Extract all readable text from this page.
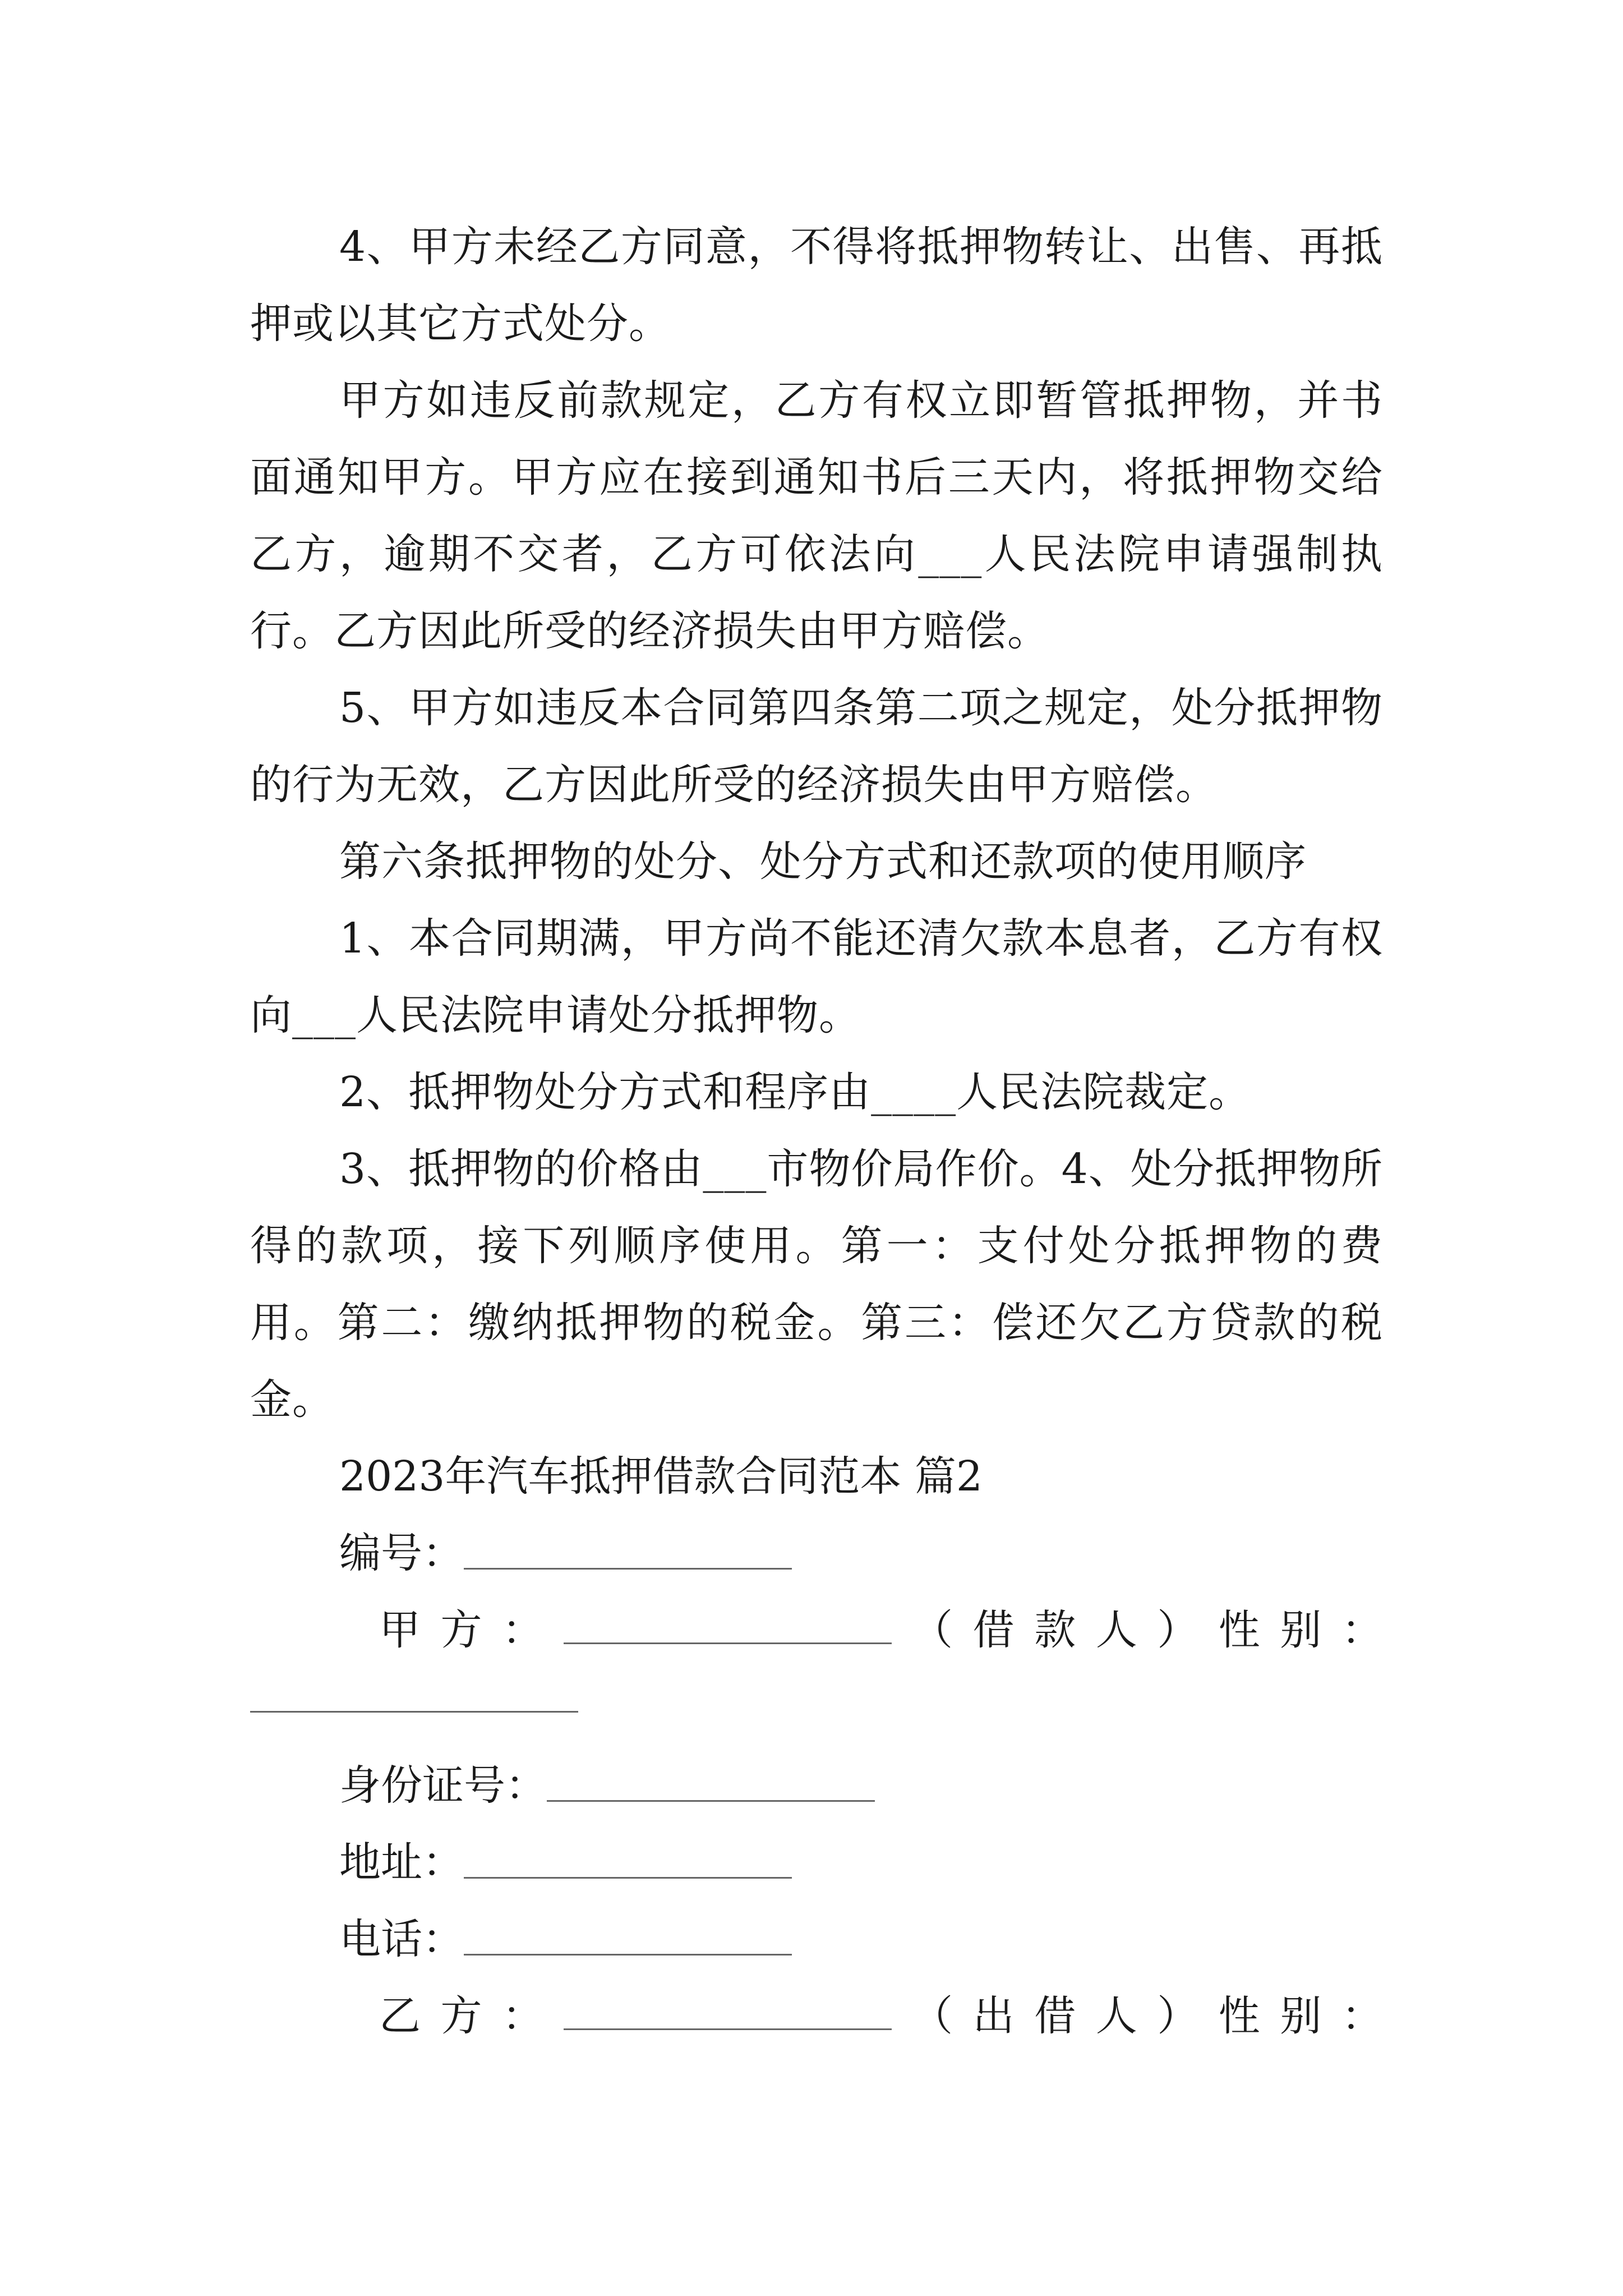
4、甲方未经乙方同意，不得将抵押物转让、出售、再抵押或以其它方式处分。
甲方如违反前款规定，乙方有权立即暂管抵押物，并书面通知甲方。甲方应在接到通知书后三天内，将抵押物交给乙方，逾期不交者，乙方可依法向___人民法院申请强制执行。乙方因此所受的经济损失由甲方赔偿。
5、甲方如违反本合同第四条第二项之规定，处分抵押物的行为无效，乙方因此所受的经济损失由甲方赔偿。
第六条抵押物的处分、处分方式和还款项的使用顺序
1、本合同期满，甲方尚不能还清欠款本息者，乙方有权向___人民法院申请处分抵押物。
2、抵押物处分方式和程序由____人民法院裁定。
3、抵押物的价格由___市物价局作价。4、处分抵押物所得的款项，接下列顺序使用。第一：支付处分抵押物的费用。第二：缴纳抵押物的税金。第三：偿还欠乙方贷款的税金。
2023年汽车抵押借款合同范本 篇2
编号：
甲 方 ：	（ 借 款 人 ） 性 别 ：
身份证号：
地址：
电话：
乙 方 ：	（ 出 借 人 ） 性 别 ：
